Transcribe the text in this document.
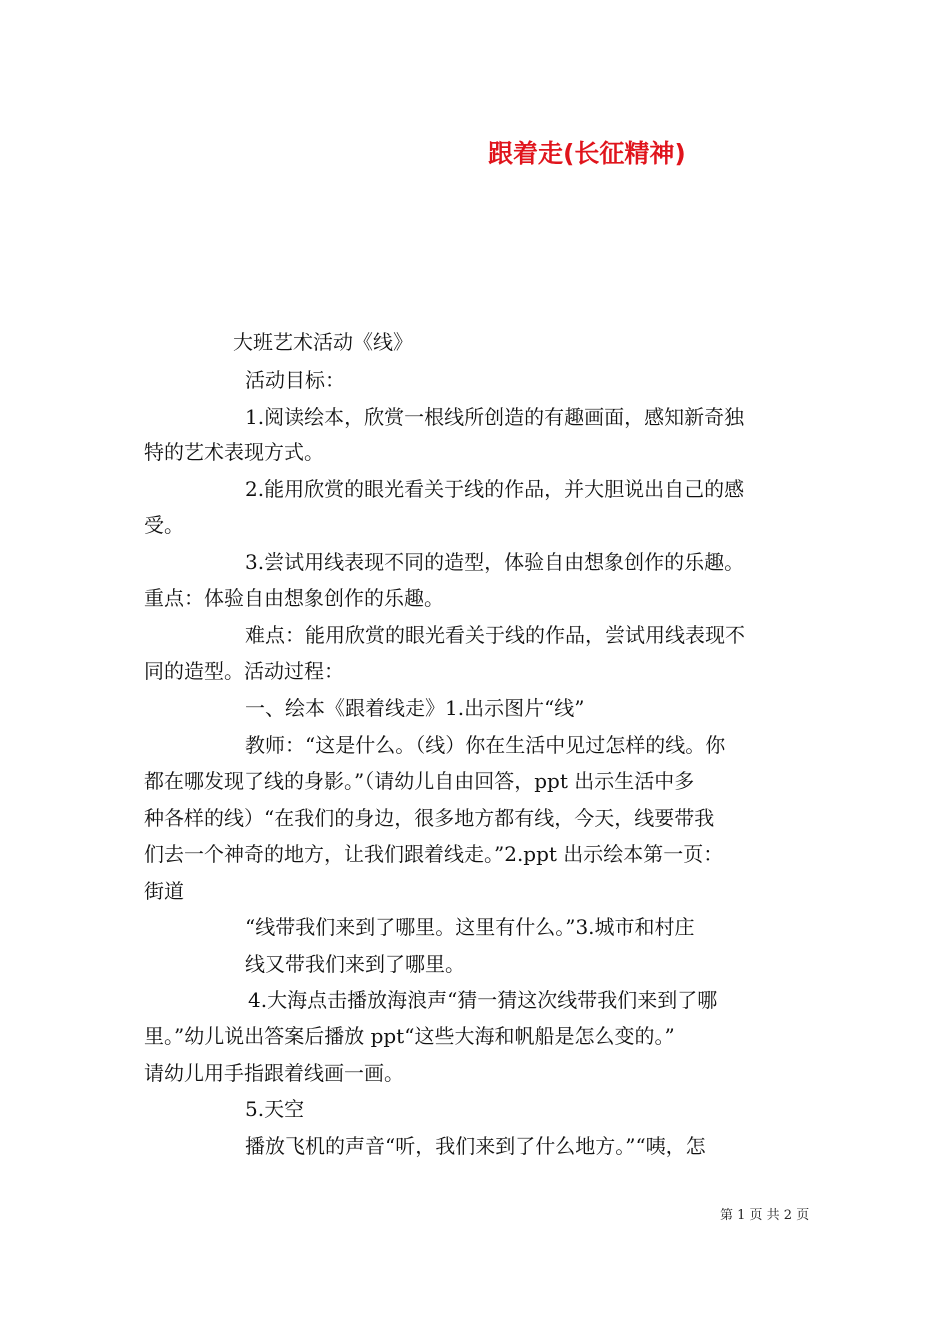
跟着走(长征精神)
大班艺术活动《线》
活动目标：
1.阅读绘本，欣赏一根线所创造的有趣画面，感知新奇独
特的艺术表现方式。
2.能用欣赏的眼光看关于线的作品，并大胆说出自己的感
受。
3.尝试用线表现不同的造型，体验自由想象创作的乐趣。
重点：体验自由想象创作的乐趣。
难点：能用欣赏的眼光看关于线的作品，尝试用线表现不
同的造型。活动过程：
一、绘本《跟着线走》1.出示图片“线”
教师：“这是什么。（线）你在生活中见过怎样的线。你
都在哪发现了线的身影。”（请幼儿自由回答，ppt 出示生活中多
种各样的线）“在我们的身边，很多地方都有线，今天，线要带我
们去一个神奇的地方，让我们跟着线走。”2.ppt 出示绘本第一页：
街道
“线带我们来到了哪里。这里有什么。”3.城市和村庄
线又带我们来到了哪里。
4.大海点击播放海浪声“猜一猜这次线带我们来到了哪
里。”幼儿说出答案后播放 ppt“这些大海和帆船是怎么变的。”
请幼儿用手指跟着线画一画。
5.天空
播放飞机的声音“听，我们来到了什么地方。”“咦，怎
第 1 页 共 2 页
